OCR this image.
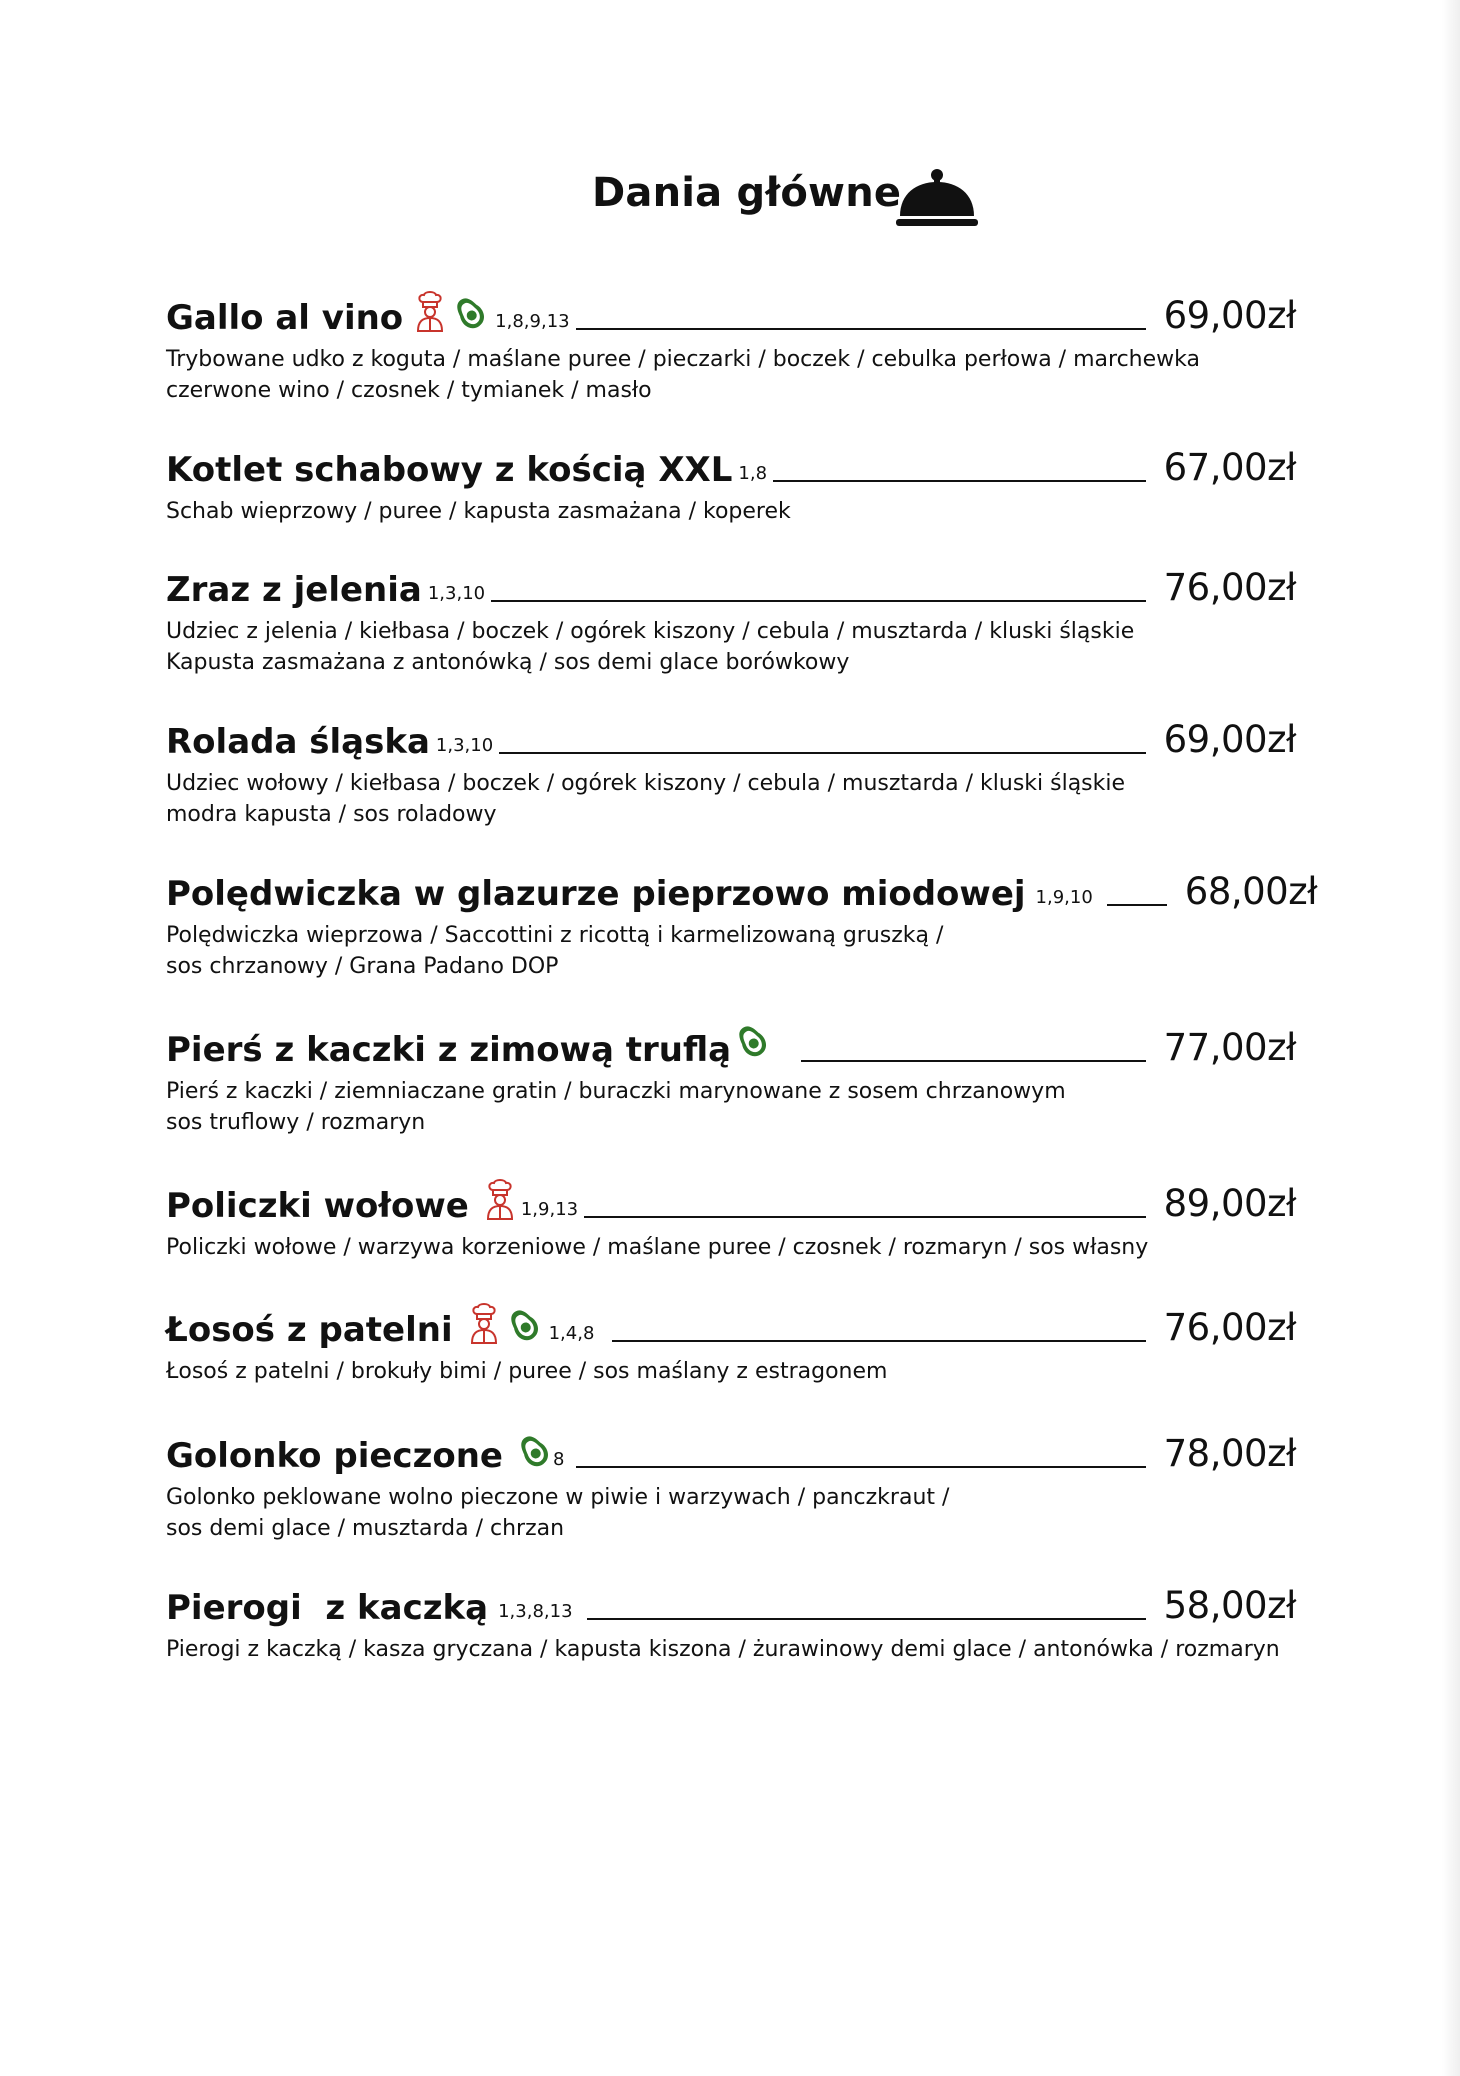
Dania główne
Gallo al vino	1,8,9,13	69,00zł
Trybowane udko z koguta / maślane puree / pieczarki / boczek / cebulka perłowa / marchewka
czerwone wino / czosnek / tymianek / masło
Kotlet schabowy z kością XXL 1,8	67,00zł
Schab wieprzowy / puree / kapusta zasmażana / koperek
Zraz z jelenia 1,3,10	76,00zł
Udziec z jelenia / kiełbasa / boczek / ogórek kiszony / cebula / musztarda / kluski śląskie
Kapusta zasmażana z antonówką / sos demi glace borówkowy
Rolada śląska 1,3,10	69,00zł
Udziec wołowy / kiełbasa / boczek / ogórek kiszony / cebula / musztarda / kluski śląskie
modra kapusta / sos roladowy
Polędwiczka w glazurze pieprzowo miodowej 1,9,10 68,00zł
Polędwiczka wieprzowa / Saccottini z ricottą i karmelizowaną gruszką /
sos chrzanowy / Grana Padano DOP
Pierś z kaczki z zimową truflą	77,00zł
Pierś z kaczki / ziemniaczane gratin / buraczki marynowane z sosem chrzanowym
sos truflowy / rozmaryn
Policzki wołowe	1,9,13	89,00zł
Policzki wołowe / warzywa korzeniowe / maślane puree / czosnek / rozmaryn / sos własny
Łosoś z patelni	1,4,8	76,00zł
Łosoś z patelni / brokuły bimi / puree / sos maślany z estragonem
Golonko pieczone	8	78,00zł
Golonko peklowane wolno pieczone w piwie i warzywach / panczkraut /
sos demi glace / musztarda / chrzan
Pierogi  z kaczką 1,3,8,13	58,00zł
Pierogi z kaczką / kasza gryczana / kapusta kiszona / żurawinowy demi glace / antonówka / rozmaryn
